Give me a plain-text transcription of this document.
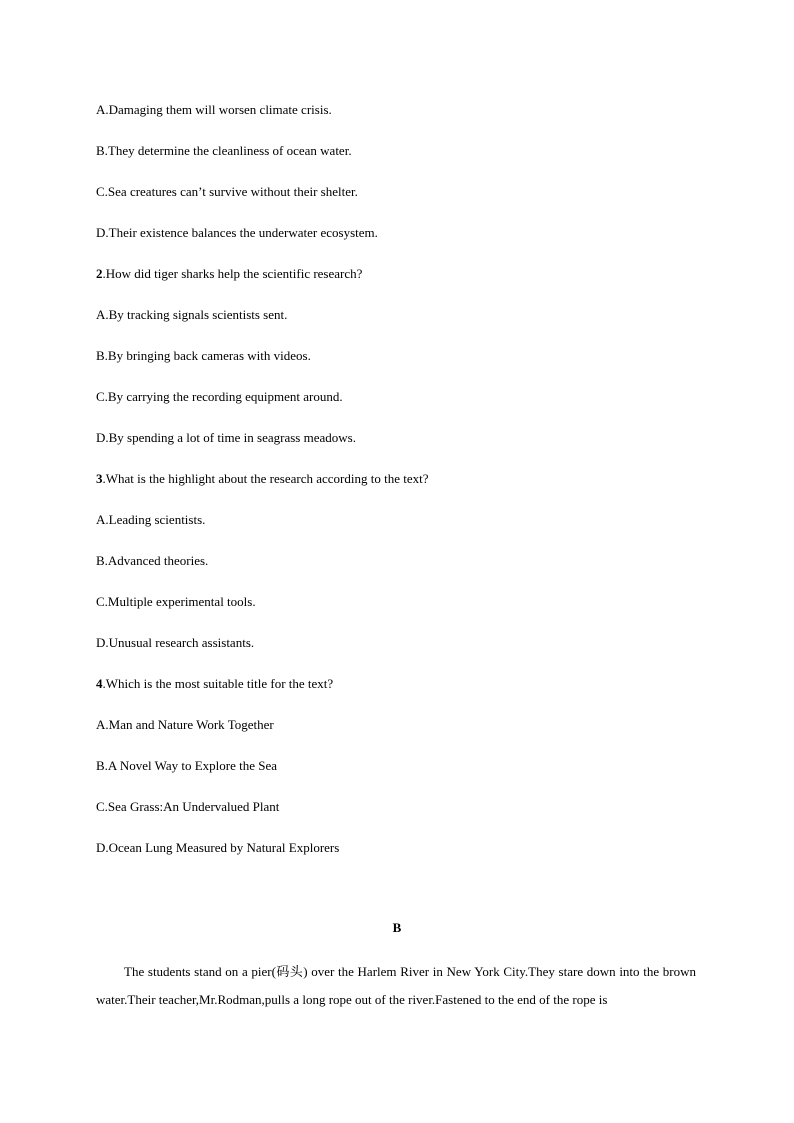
A.Damaging them will worsen climate crisis.
B.They determine the cleanliness of ocean water.
C.Sea creatures can’t survive without their shelter.
D.Their existence balances the underwater ecosystem.
2.How did tiger sharks help the scientific research?
A.By tracking signals scientists sent.
B.By bringing back cameras with videos.
C.By carrying the recording equipment around.
D.By spending a lot of time in seagrass meadows.
3.What is the highlight about the research according to the text?
A.Leading scientists.
B.Advanced theories.
C.Multiple experimental tools.
D.Unusual research assistants.
4.Which is the most suitable title for the text?
A.Man and Nature Work Together
B.A Novel Way to Explore the Sea
C.Sea Grass:An Undervalued Plant
D.Ocean Lung Measured by Natural Explorers
B
The students stand on a pier(码头) over the Harlem River in New York City.They stare down into the brown water.Their teacher,Mr.Rodman,pulls a long rope out of the river.Fastened to the end of the rope is
